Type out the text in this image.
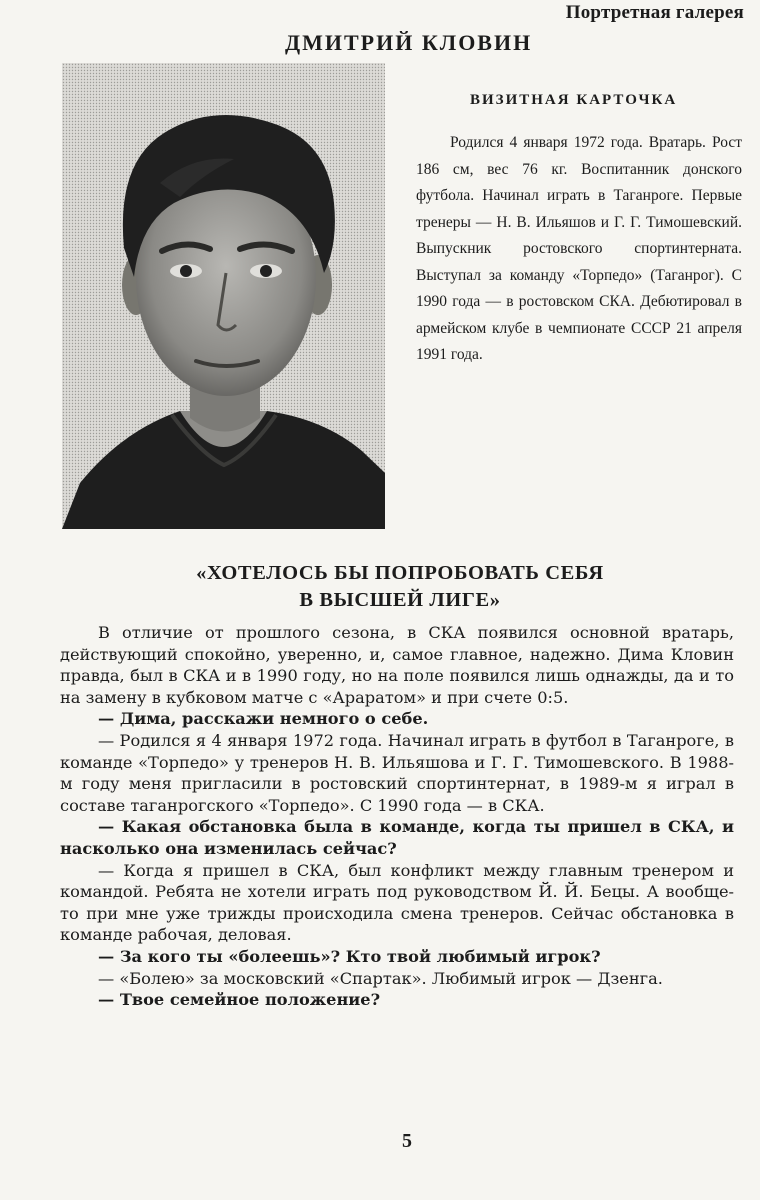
Портретная галерея
ДМИТРИЙ КЛОВИН
ВИЗИТНАЯ КАРТОЧКА
Родился 4 января 1972 года. Вратарь. Рост 186 см, вес 76 кг. Воспитанник донского футбола. Начинал играть в Таганроге. Первые тренеры — Н. В. Ильяшов и Г. Г. Тимошевский. Выпускник ростовского спортинтерната. Выступал за команду «Торпедо» (Таганрог). С 1990 года — в ростовском СКА. Дебютировал в армейском клубе в чемпионате СССР 21 апреля 1991 года.
«ХОТЕЛОСЬ БЫ ПОПРОБОВАТЬ СЕБЯ
В ВЫСШЕЙ ЛИГЕ»

В отличие от прошлого сезона, в СКА появился основной вратарь, действующий спокойно, уверенно, и, самое главное, надежно. Дима Кловин правда, был в СКА и в 1990 году, но на поле появился лишь однажды, да и то на замену в кубковом матче с «Араратом» и при счете 0:5.

— Дима, расскажи немного о себе.

— Родился я 4 января 1972 года. Начинал играть в футбол в Таганроге, в команде «Торпедо» у тренеров Н. В. Ильяшова и Г. Г. Тимошевского. В 1988-м году меня пригласили в ростовский спортинтернат, в 1989-м я играл в составе таганрогского «Торпедо». С 1990 года — в СКА.

— Какая обстановка была в команде, когда ты пришел в СКА, и насколько она изменилась сейчас?

— Когда я пришел в СКА, был конфликт между главным тренером и командой. Ребята не хотели играть под руководством Й. Й. Бецы. А вообще-то при мне уже трижды происходила смена тренеров. Сейчас обстановка в команде рабочая, деловая.

— За кого ты «болеешь»? Кто твой любимый игрок?

— «Болею» за московский «Спартак». Любимый игрок — Дзенга.

— Твое семейное положение?

5
